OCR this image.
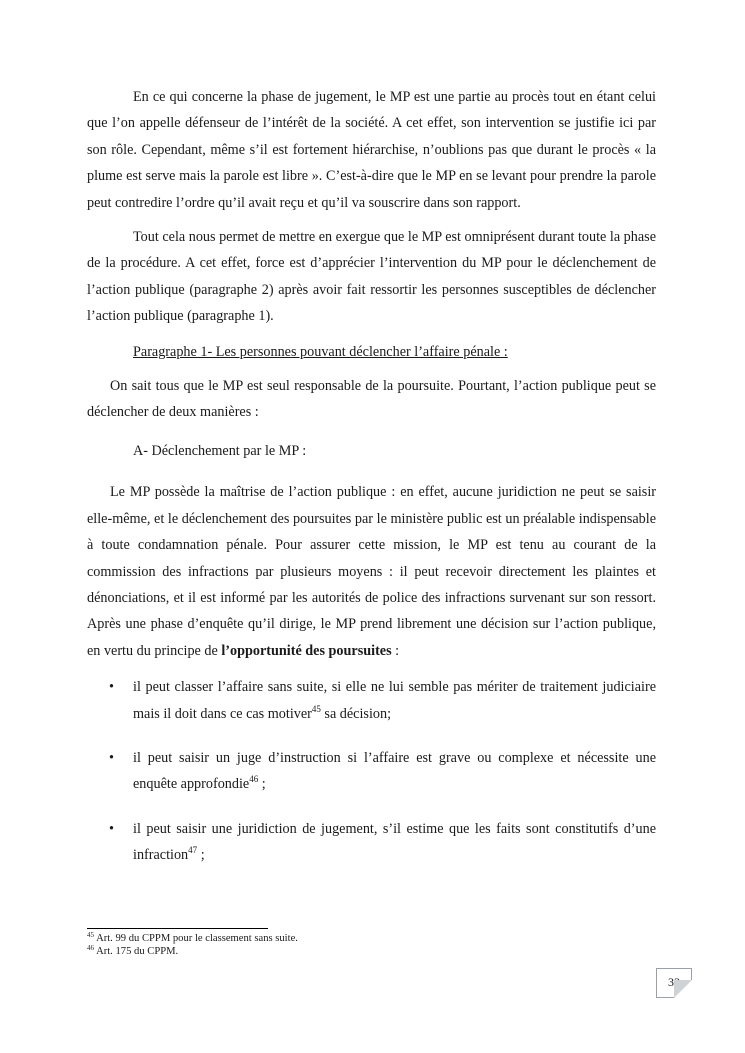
En ce qui concerne la phase de jugement, le MP est une partie au procès tout en étant celui que l’on appelle défenseur de l’intérêt de la société. A cet effet, son intervention se justifie ici par son rôle. Cependant, même s’il est fortement hiérarchise, n’oublions pas que durant le procès « la plume est serve mais la parole est libre ». C’est-à-dire que le MP en se levant pour prendre la parole peut contredire l’ordre qu’il avait reçu et qu’il va souscrire dans son rapport.

Tout cela nous permet de mettre en exergue que le MP est omniprésent durant toute la phase de la procédure. A cet effet, force est d’apprécier l’intervention du MP pour le déclenchement de l’action publique (paragraphe 2) après avoir fait ressortir les personnes susceptibles de déclencher l’action publique (paragraphe 1).

Paragraphe 1- Les personnes pouvant déclencher l’affaire pénale :

On sait tous que le MP est seul responsable de la poursuite. Pourtant, l’action publique peut se déclencher de deux manières :

A- Déclenchement par le MP :

Le MP possède la maîtrise de l’action publique : en effet, aucune juridiction ne peut se saisir elle-même, et le déclenchement des poursuites par le ministère public est un préalable indispensable à toute condamnation pénale. Pour assurer cette mission, le MP est tenu au courant de la commission des infractions par plusieurs moyens : il peut recevoir directement les plaintes et dénonciations, et il est informé par les autorités de police des infractions survenant sur son ressort. Après une phase d’enquête qu’il dirige, le MP prend librement une décision sur l’action publique, en vertu du principe de l’opportunité des poursuites :

• il peut classer l’affaire sans suite, si elle ne lui semble pas mériter de traitement judiciaire mais il doit dans ce cas motiver$^{45}$ sa décision;
• il peut saisir un juge d’instruction si l’affaire est grave ou complexe et nécessite une enquête approfondie$^{46}$ ;
• il peut saisir une juridiction de jugement, s’il estime que les faits sont constitutifs d’une infraction$^{47}$ ;
$^{45}$ Art. 99 du CPPM pour le classement sans suite.
$^{46}$ Art. 175 du CPPM.
33
